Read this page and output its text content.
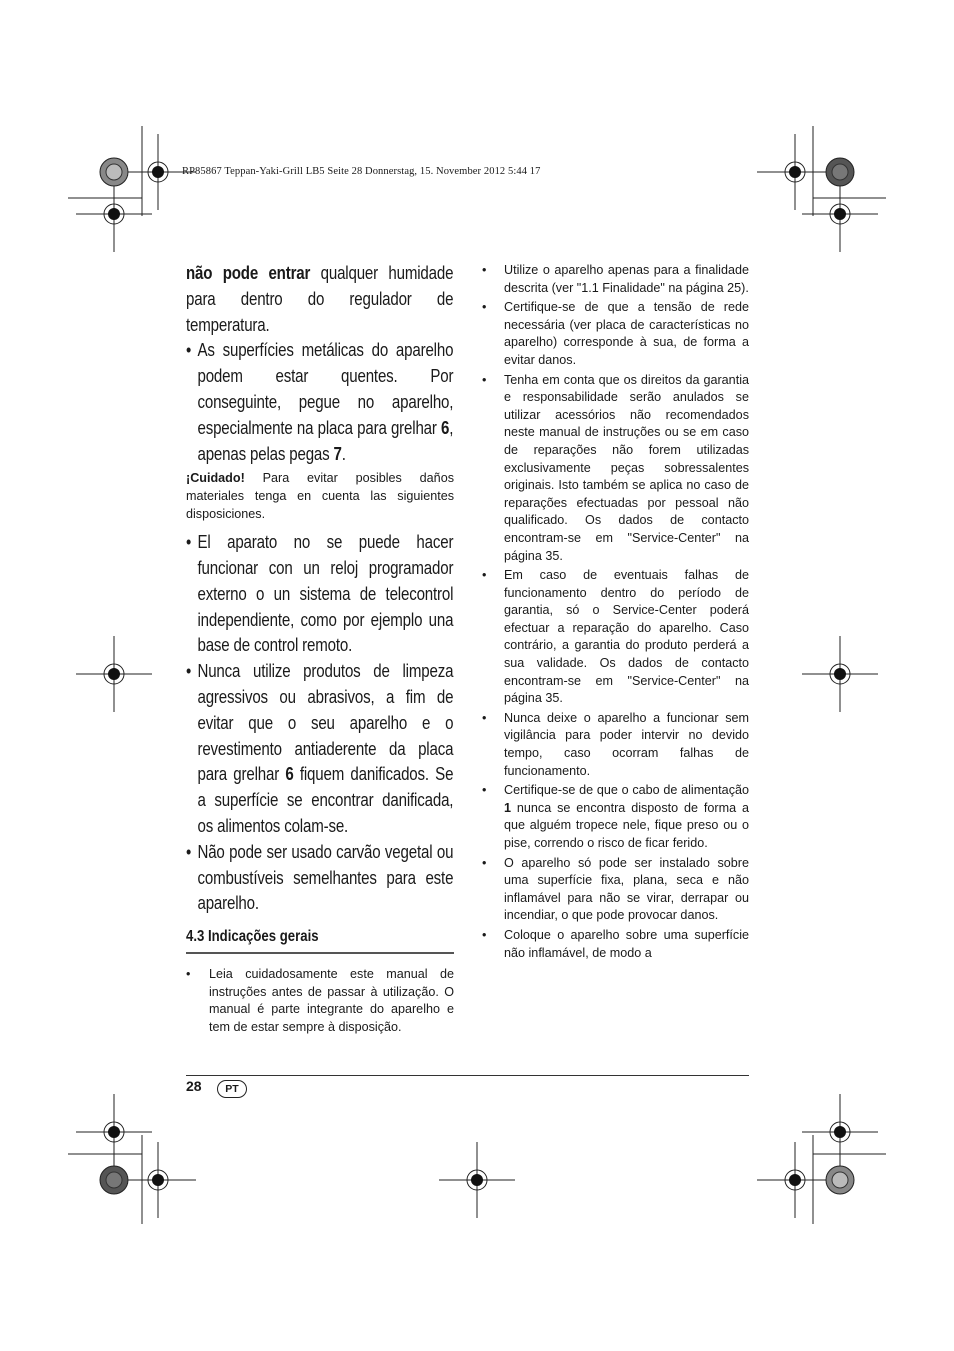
RP85867 Teppan-Yaki-Grill LB5 Seite 28 Donnerstag, 15. November 2012 5:44 17

não pode entrar qualquer humidade para dentro do regulador de temperatura.

• As superfícies metálicas do aparelho podem estar quentes. Por conseguinte, pegue no aparelho, especialmente na placa para grelhar 6, apenas pelas pegas 7.

¡Cuidado! Para evitar posibles daños materiales tenga en cuenta las siguientes disposiciones.

• El aparato no se puede hacer funcionar con un reloj programador externo o un sistema de telecontrol independiente, como por ejemplo una base de control remoto.

• Nunca utilize produtos de limpeza agressivos ou abrasivos, a fim de evitar que o seu aparelho e o revestimento antiaderente da placa para grelhar 6 fiquem danificados. Se a superfície se encontrar danificada, os alimentos colam-se.

• Não pode ser usado carvão vegetal ou combustíveis semelhantes para este aparelho.

4.3 Indicações gerais
• Leia cuidadosamente este manual de instruções antes de passar à utilização. O manual é parte integrante do aparelho e tem de estar sempre à disposição.
• Utilize o aparelho apenas para a finalidade descrita (ver "1.1 Finalidade" na página 25).
• Certifique-se de que a tensão de rede necessária (ver placa de características no aparelho) corresponde à sua, de forma a evitar danos.
• Tenha em conta que os direitos da garantia e responsabilidade serão anulados se utilizar acessórios não recomendados neste manual de instruções ou se em caso de reparações não forem utilizadas exclusivamente peças sobressalentes originais. Isto também se aplica no caso de reparações efectuadas por pessoal não qualificado. Os dados de contacto encontram-se em "Service-Center" na página 35.
• Em caso de eventuais falhas de funcionamento dentro do período de garantia, só o Service-Center poderá efectuar a reparação do aparelho. Caso contrário, a garantia do produto perderá a sua validade. Os dados de contacto encontram-se em "Service-Center" na página 35.
• Nunca deixe o aparelho a funcionar sem vigilância para poder intervir no devido tempo, caso ocorram falhas de funcionamento.
• Certifique-se de que o cabo de alimentação 1 nunca se encontra disposto de forma a que alguém tropece nele, fique preso ou o pise, correndo o risco de ficar ferido.
• O aparelho só pode ser instalado sobre uma superfície fixa, plana, seca e não inflamável para não se virar, derrapar ou incendiar, o que pode provocar danos.
• Coloque o aparelho sobre uma superfície não inflamável, de modo a
28	PT
